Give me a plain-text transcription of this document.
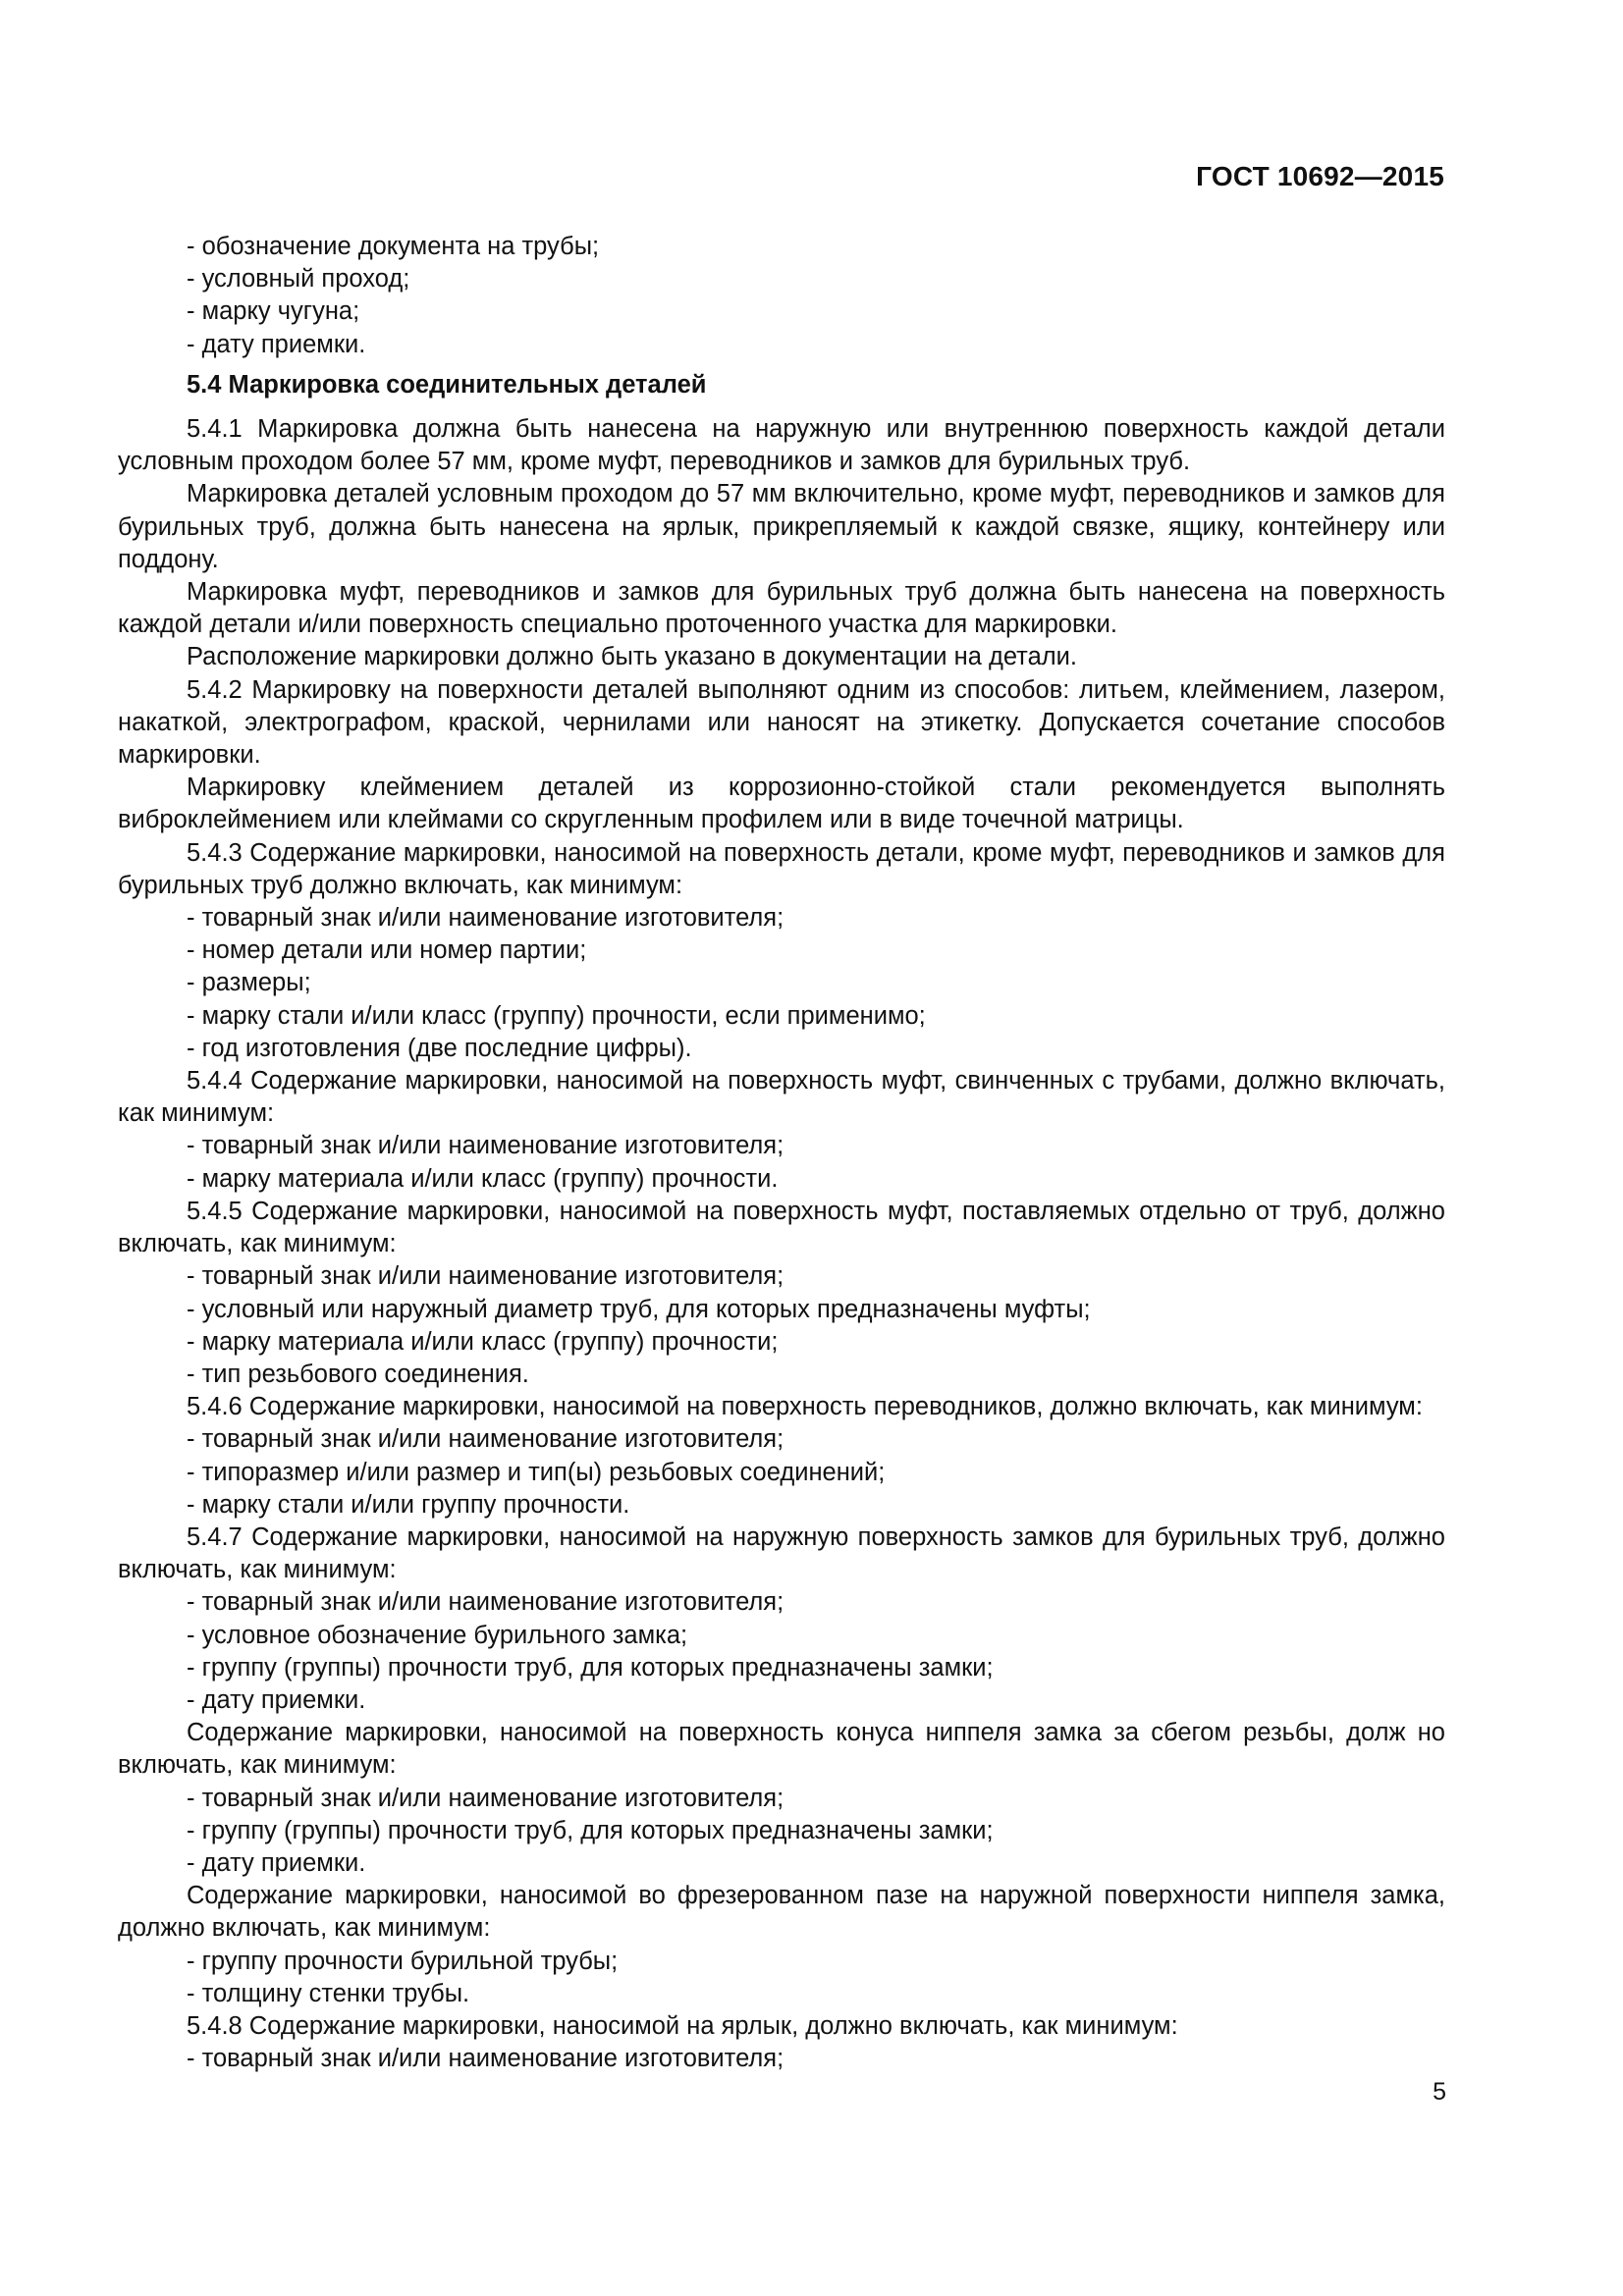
ГОСТ 10692—2015

- обозначение документа на трубы;

- условный проход;

- марку чугуна;

- дату приемки.

5.4 Маркировка соединительных деталей

5.4.1 Маркировка должна быть нанесена на наружную или внутреннюю поверхность каждой детали условным проходом более 57 мм, кроме муфт, переводников и замков для бурильных труб.

Маркировка деталей условным проходом до 57 мм включительно, кроме муфт, переводников и замков для бурильных труб, должна быть нанесена на ярлык, прикрепляемый к каждой связке, ящику, контейнеру или поддону.

Маркировка муфт, переводников и замков для бурильных труб должна быть нанесена на поверхность каждой детали и/или поверхность специально проточенного участка для маркировки.

Расположение маркировки должно быть указано в документации на детали.

5.4.2 Маркировку на поверхности деталей выполняют одним из способов: литьем, клеймением, лазером, накаткой, электрографом, краской, чернилами или наносят на этикетку. Допускается сочетание способов маркировки.

Маркировку клеймением деталей из коррозионно-стойкой стали рекомендуется выполнять виброклеймением или клеймами со скругленным профилем или в виде точечной матрицы.

5.4.3 Содержание маркировки, наносимой на поверхность детали, кроме муфт, переводников и замков для бурильных труб должно включать, как минимум:

- товарный знак и/или наименование изготовителя;

- номер детали или номер партии;

- размеры;

- марку стали и/или класс (группу) прочности, если применимо;

- год изготовления (две последние цифры).

5.4.4 Содержание маркировки, наносимой на поверхность муфт, свинченных с трубами, должно включать, как минимум:

- товарный знак и/или наименование изготовителя;

- марку материала и/или класс (группу) прочности.

5.4.5 Содержание маркировки, наносимой на поверхность муфт, поставляемых отдельно от труб, должно включать, как минимум:

- товарный знак и/или наименование изготовителя;

- условный или наружный диаметр труб, для которых предназначены муфты;

- марку материала и/или класс (группу) прочности;

- тип резьбового соединения.

5.4.6 Содержание маркировки, наносимой на поверхность переводников, должно включать, как минимум:

- товарный знак и/или наименование изготовителя;

- типоразмер и/или размер и тип(ы) резьбовых соединений;

- марку стали и/или группу прочности.

5.4.7 Содержание маркировки, наносимой на наружную поверхность замков для бурильных труб, должно включать, как минимум:

- товарный знак и/или наименование изготовителя;

- условное обозначение бурильного замка;

- группу (группы) прочности труб, для которых предназначены замки;

- дату приемки.

Содержание маркировки, наносимой на поверхность конуса ниппеля замка за сбегом резьбы, долж но включать, как минимум:

- товарный знак и/или наименование изготовителя;

- группу (группы) прочности труб, для которых предназначены замки;

- дату приемки.

Содержание маркировки, наносимой во фрезерованном пазе на наружной поверхности ниппеля замка, должно включать, как минимум:

- группу прочности бурильной трубы;

- толщину стенки трубы.

5.4.8 Содержание маркировки, наносимой на ярлык, должно включать, как минимум:

- товарный знак и/или наименование изготовителя;

5
